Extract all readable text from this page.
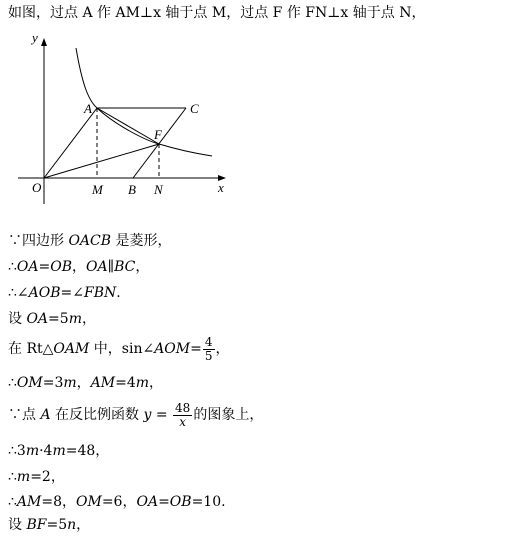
如图，过点 A 作 AM⊥x 轴于点 M，过点 F 作 FN⊥x 轴于点 N，
y
x
O
A	C
F
M B N
∵四边形 OACB 是菱形，
∴OA=OB，OA∥BC，
∴∠AOB=∠FBN.
设 OA=5m，
在 Rt△OAM 中，sin∠AOM= $\frac{4}{5}$ ，
∴OM=3m，AM=4m，
∵点 A 在反比例函数 $y = \frac{48}{x}$ 的图象上，
∴3m·4m=48，
∴m=2，
∴AM=8，OM=6，OA=OB=10.
设 BF=5n，
